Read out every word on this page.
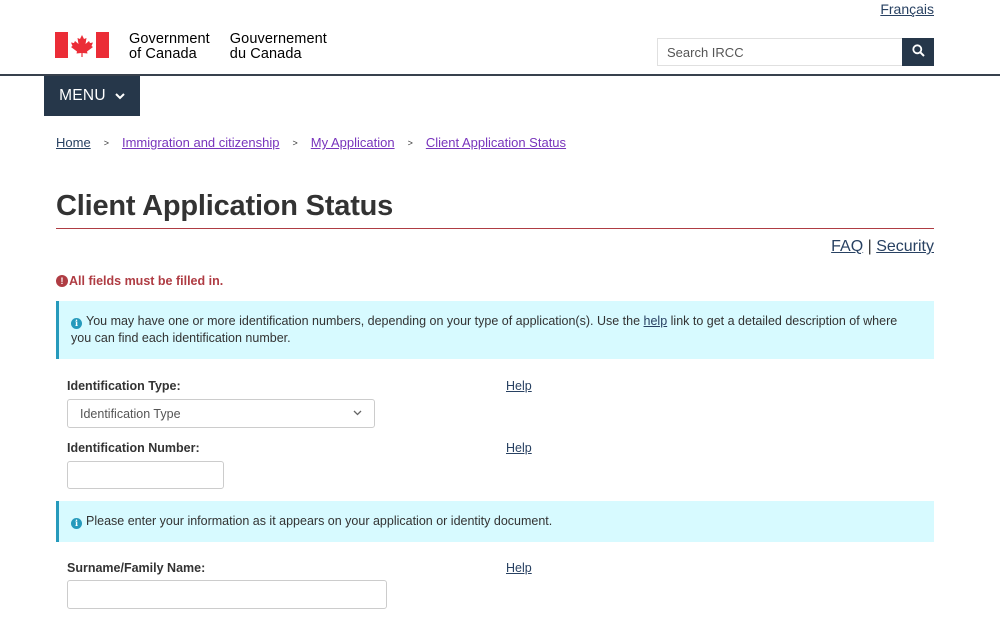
Français
Government
of Canada
Gouvernement
du Canada
Search IRCC
MENU
Home > Immigration and citizenship > My Application > Client Application Status
Client Application Status
FAQ | Security
! All fields must be filled in.
i You may have one or more identification numbers, depending on your type of application(s). Use the help link to get a detailed description of where you can find each identification number.
Identification Type:	Help
Identification Type
Identification Number:	Help
i Please enter your information as it appears on your application or identity document.
Surname/Family Name:	Help
